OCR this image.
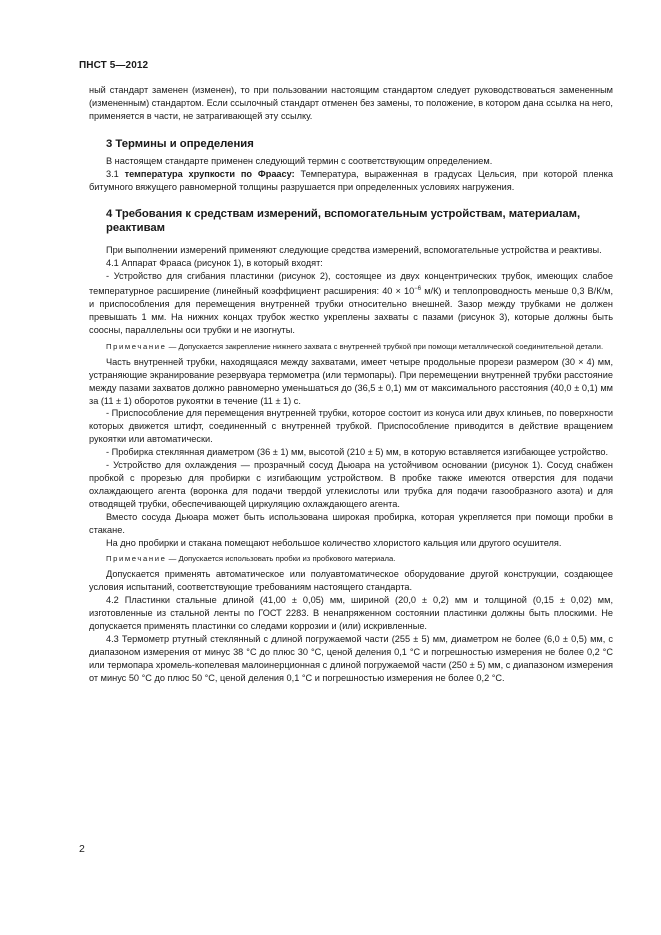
ПНСТ 5—2012

ный стандарт заменен (изменен), то при пользовании настоящим стандартом следует руководствоваться замененным (измененным) стандартом. Если ссылочный стандарт отменен без замены, то положение, в котором дана ссылка на него, применяется в части, не затрагивающей эту ссылку.

3 Термины и определения

В настоящем стандарте применен следующий термин с соответствующим определением.

3.1 температура хрупкости по Фраасу: Температура, выраженная в градусах Цельсия, при которой пленка битумного вяжущего равномерной толщины разрушается при определенных условиях нагружения.

4 Требования к средствам измерений, вспомогательным устройствам, материалам, реактивам

При выполнении измерений применяют следующие средства измерений, вспомогательные устройства и реактивы.

4.1 Аппарат Фрааса (рисунок 1), в который входят:

- Устройство для сгибания пластинки (рисунок 2), состоящее из двух концентрических трубок, имеющих слабое температурное расширение (линейный коэффициент расширения: $40 \times 10^{-6}$ м/К) и теплопроводность меньше 0,3 В/К/м, и приспособления для перемещения внутренней трубки относительно внешней. Зазор между трубками не должен превышать 1 мм. На нижних концах трубок жестко укреплены захваты с пазами (рисунок 3), которые должны быть соосны, параллельны оси трубки и не изогнуты.

Примечание — Допускается закрепление нижнего захвата с внутренней трубкой при помощи металлической соединительной детали.

Часть внутренней трубки, находящаяся между захватами, имеет четыре продольные прорези размером (30 × 4) мм, устраняющие экранирование резервуара термометра (или термопары). При перемещении внутренней трубки расстояние между пазами захватов должно равномерно уменьшаться до (36,5 ± 0,1) мм от максимального расстояния (40,0 ± 0,1) мм за (11 ± 1) оборотов рукоятки в течение (11 ± 1) с.

- Приспособление для перемещения внутренней трубки, которое состоит из конуса или двух клиньев, по поверхности которых движется штифт, соединенный с внутренней трубкой. Приспособление приводится в действие вращением рукоятки или автоматически.

- Пробирка стеклянная диаметром (36 ± 1) мм, высотой (210 ± 5) мм, в которую вставляется изгибающее устройство.

- Устройство для охлаждения — прозрачный сосуд Дьюара на устойчивом основании (рисунок 1). Сосуд снабжен пробкой с прорезью для пробирки с изгибающим устройством. В пробке также имеются отверстия для подачи охлаждающего агента (воронка для подачи твердой углекислоты или трубка для подачи газообразного азота) и для отводящей трубки, обеспечивающей циркуляцию охлаждающего агента.

Вместо сосуда Дьюара может быть использована широкая пробирка, которая укрепляется при помощи пробки в стакане.

На дно пробирки и стакана помещают небольшое количество хлористого кальция или другого осушителя.

Примечание — Допускается использовать пробки из пробкового материала.

Допускается применять автоматическое или полуавтоматическое оборудование другой конструкции, создающее условия испытаний, соответствующие требованиям настоящего стандарта.

4.2 Пластинки стальные длиной (41,00 ± 0,05) мм, шириной (20,0 ± 0,2) мм и толщиной (0,15 ± 0,02) мм, изготовленные из стальной ленты по ГОСТ 2283. В ненапряженном состоянии пластинки должны быть плоскими. Не допускается применять пластинки со следами коррозии и (или) искривленные.

4.3 Термометр ртутный стеклянный с длиной погружаемой части (255 ± 5) мм, диаметром не более (6,0 ± 0,5) мм, с диапазоном измерения от минус 38 °С до плюс 30 °С, ценой деления 0,1 °С и погрешностью измерения не более 0,2 °С или термопара хромель-копелевая малоинерционная с длиной погружаемой части (250 ± 5) мм, с диапазоном измерения от минус 50 °С до плюс 50 °С, ценой деления 0,1 °С и погрешностью измерения не более 0,2 °С.

2
